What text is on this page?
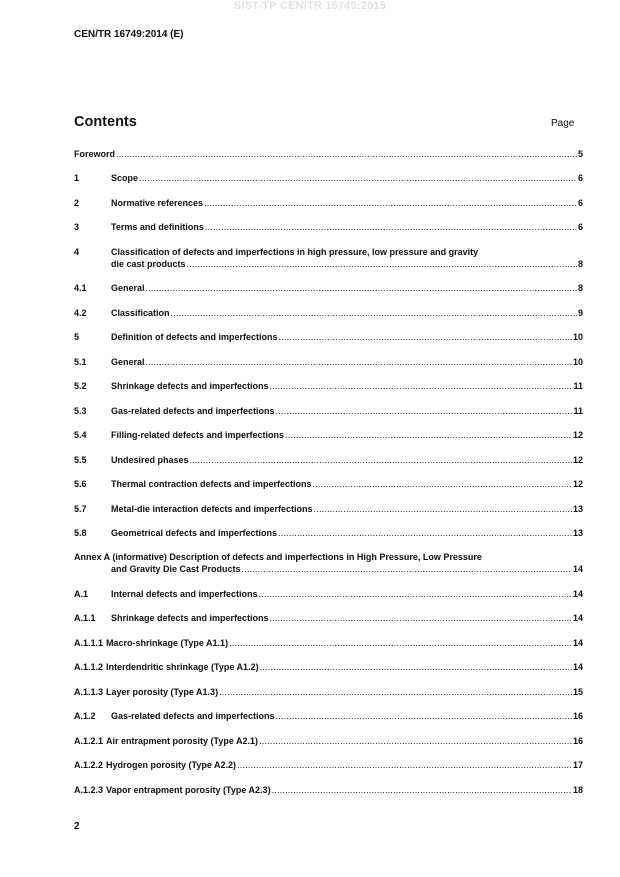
SIST-TP CEN/TR 16749:2015
CEN/TR 16749:2014 (E)
Contents	Page
Foreword .....	5
1	Scope .....	6
2	Normative references .....	6
3	Terms and definitions .....	6
4	Classification of defects and imperfections in high pressure, low pressure and gravity
die cast products .....	8
4.1	General .....	8
4.2	Classification .....	9
5	Definition of defects and imperfections .....	10
5.1	General .....	10
5.2	Shrinkage defects and imperfections .....	11
5.3	Gas-related defects and imperfections .....	11
5.4	Filling-related defects and imperfections .....	12
5.5	Undesired phases .....	12
5.6	Thermal contraction defects and imperfections .....	12
5.7	Metal-die interaction defects and imperfections .....	13
5.8	Geometrical defects and imperfections .....	13
Annex A (informative) Description of defects and imperfections in High Pressure, Low Pressure
and Gravity Die Cast Products .....	14
A.1	Internal defects and imperfections .....	14
A.1.1	Shrinkage defects and imperfections .....	14
A.1.1.1 Macro-shrinkage (Type A1.1) .....	14
A.1.1.2 Interdendritic shrinkage (Type A1.2) .....	14
A.1.1.3 Layer porosity (Type A1.3) .....	15
A.1.2	Gas-related defects and imperfections .....	16
A.1.2.1 Air entrapment porosity (Type A2.1) .....	16
A.1.2.2 Hydrogen porosity (Type A2.2) .....	17
A.1.2.3 Vapor entrapment porosity (Type A2.3) .....	18
2
